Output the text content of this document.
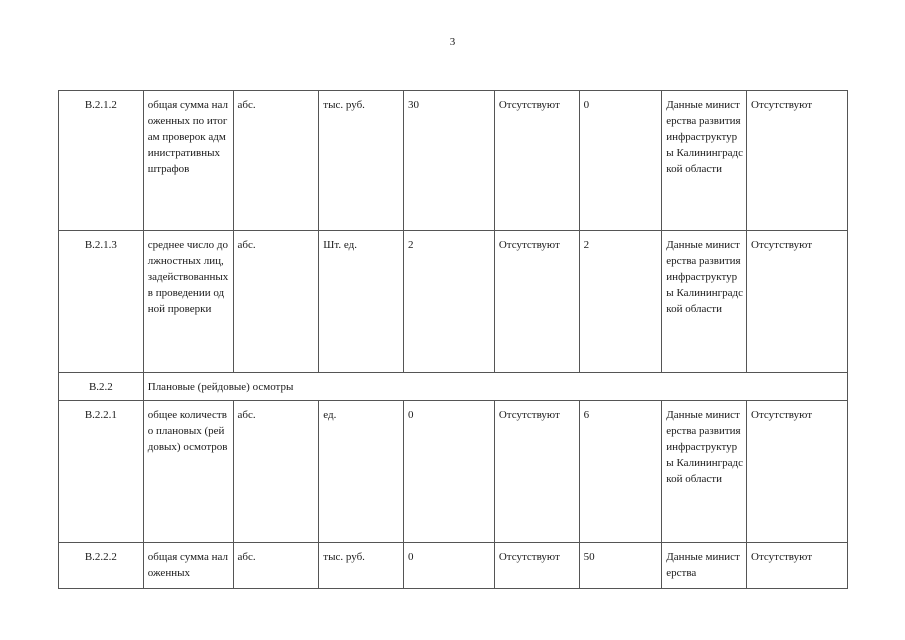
3
В.2.1.2	общая сумма наложенных по итогам проверок административных штрафов	абс.	тыс. руб.	30	Отсутствуют	0	Данные министерства развития инфраструктуры Калининградской области	Отсутствуют
В.2.1.3	среднее число должностных лиц, задействованных в проведении одной проверки	абс.	Шт. ед.	2	Отсутствуют	2	Данные министерства развития инфраструктуры Калининградской области	Отсутствуют
В.2.2	Плановые (рейдовые) осмотры							
В.2.2.1	общее количество плановых (рейдовых) осмотров	абс.	ед.	0	Отсутствуют	6	Данные министерства развития инфраструктуры Калининградской области	Отсутствуют
В.2.2.2	общая сумма наложенных	абс.	тыс. руб.	0	Отсутствуют	50	Данные министерства	Отсутствуют
